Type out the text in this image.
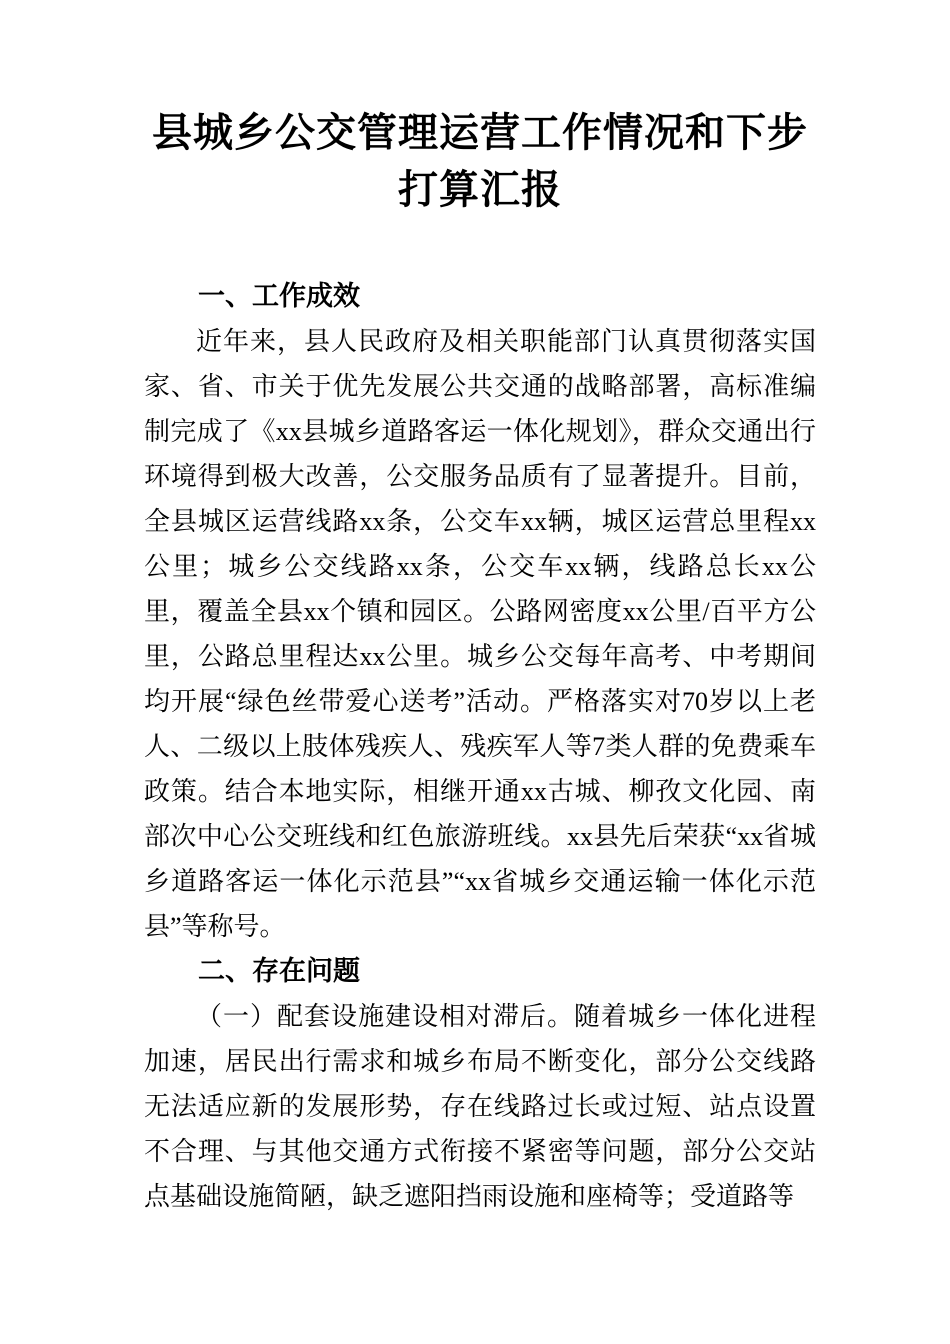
县城乡公交管理运营工作情况和下步打算汇报
一、工作成效

近年来，县人民政府及相关职能部门认真贯彻落实国家、省、市关于优先发展公共交通的战略部署，高标准编制完成了《xx县城乡道路客运一体化规划》，群众交通出行环境得到极大改善，公交服务品质有了显著提升。目前，全县城区运营线路xx条，公交车xx辆，城区运营总里程xx公里；城乡公交线路xx条，公交车xx辆，线路总长xx公里，覆盖全县xx个镇和园区。公路网密度xx公里/百平方公里，公路总里程达xx公里。城乡公交每年高考、中考期间均开展“绿色丝带爱心送考”活动。严格落实对70岁以上老人、二级以上肢体残疾人、残疾军人等7类人群的免费乘车政策。结合本地实际，相继开通xx古城、柳孜文化园、南部次中心公交班线和红色旅游班线。xx县先后荣获“xx省城乡道路客运一体化示范县”“xx省城乡交通运输一体化示范县”等称号。

二、存在问题

（一）配套设施建设相对滞后。随着城乡一体化进程加速，居民出行需求和城乡布局不断变化，部分公交线路无法适应新的发展形势，存在线路过长或过短、站点设置不合理、与其他交通方式衔接不紧密等问题，部分公交站点基础设施简陋，缺乏遮阳挡雨设施和座椅等；受道路等
